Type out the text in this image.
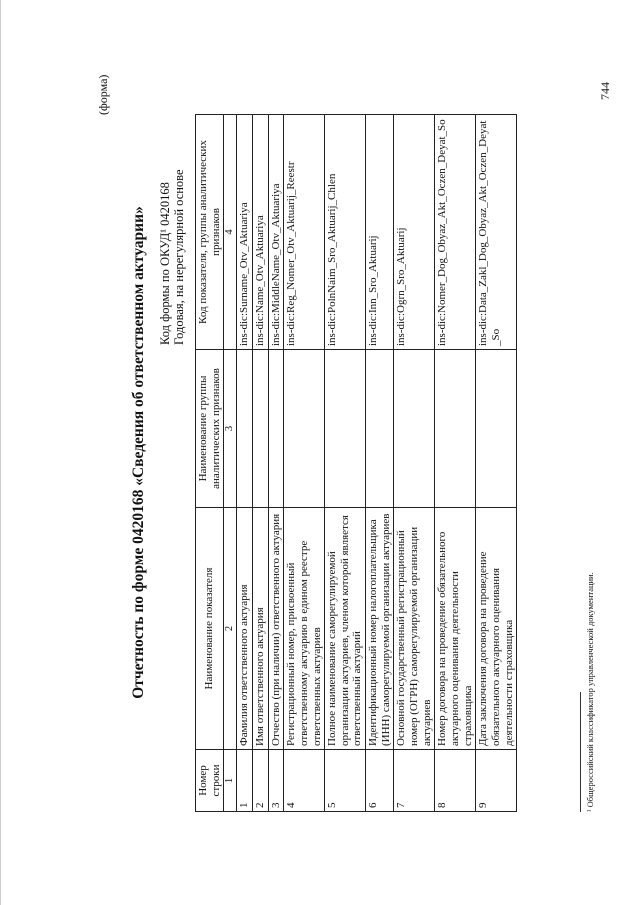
(форма)
Отчетность по форме 0420168 «Сведения об ответственном актуарии» Код формы по ОКУД¹ 0420168 Годовая, на нерегулярной основе
Номер строки	Наименование показателя	Наименование группы аналитических признаков	Код показателя, группы аналитических признаков
1	2	3	4
1	Фамилия ответственного актуария		ins-dic:Surname_Otv_Aktuariya
2	Имя ответственного актуария		ins-dic:Name_Otv_Aktuariya
3	Отчество (при наличии) ответственного актуария		ins-dic:MiddleName_Otv_Aktuariya
4	Регистрационный номер, присвоенный ответственному актуарию в едином реестре ответственных актуариев		ins-dic:Reg_Nomer_Otv_Aktuarij_Reestr
5	Полное наименование саморегулируемой организации актуариев, членом которой является ответственный актуарий		ins-dic:PolnNaim_Sro_Aktuarij_Chlen
6	Идентификационный номер налогоплательщика (ИНН) саморегулируемой организации актуариев		ins-dic:Inn_Sro_Aktuarij
7	Основной государственный регистрационный номер (ОГРН) саморегулируемой организации актуариев		ins-dic:Ogrn_Sro_Aktuarij
8	Номер договора на проведение обязательного актуарного оценивания деятельности страховщика		ins-dic:Nomer_Dog_Obyaz_Akt_Oczen_Deyat_So
9	Дата заключения договора на проведение обязательного актуарного оценивания деятельности страховщика		ins-dic:Data_Zakl_Dog_Obyaz_Akt_Oczen_Deyat_So
¹ Общероссийский классификатор управленческой документации.
744
